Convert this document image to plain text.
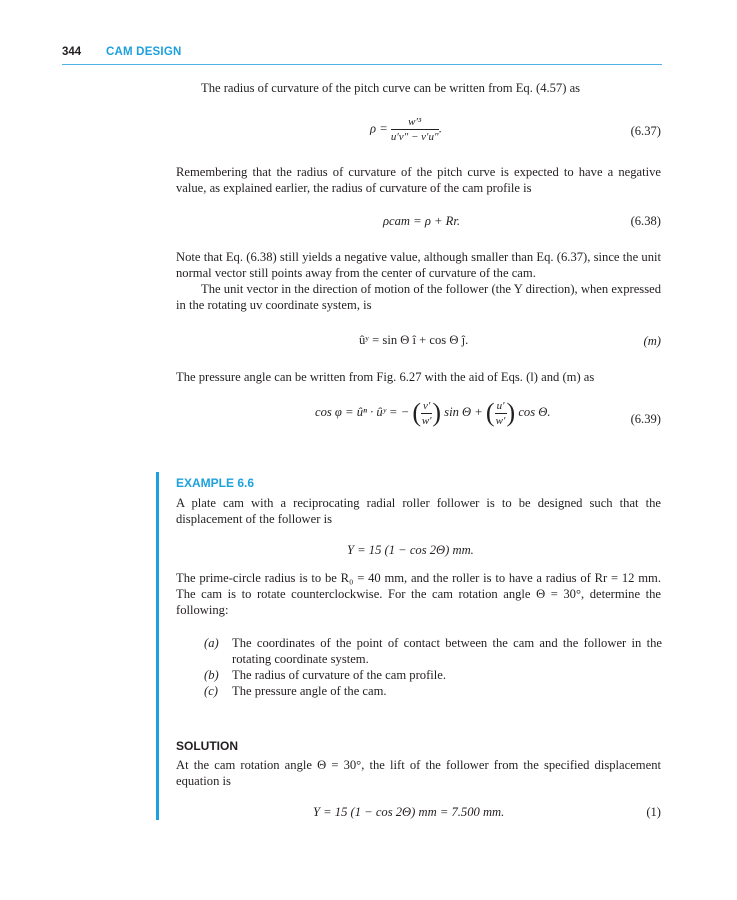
344 CAM DESIGN

The radius of curvature of the pitch curve can be written from Eq. (4.57) as

$\rho = \frac{\text{w′³}}{u'v'' - v'u''}$ .	(6.37)

Remembering that the radius of curvature of the pitch curve is expected to have a negative value, as explained earlier, the radius of curvature of the cam profile is

ρcam = ρ + Rr.	(6.38)

Note that Eq. (6.38) still yields a negative value, although smaller than Eq. (6.37), since the unit normal vector still points away from the center of curvature of the cam.

The unit vector in the direction of motion of the follower (the Y direction), when expressed in the rotating uv coordinate system, is

ûʸ = sin Θ î + cos Θ ĵ.	(m)

The pressure angle can be written from Fig. 6.27 with the aid of Eqs. (l) and (m) as

cos φ = ûⁿ · ûʸ = − ( $\frac{v'}{w'}$ ) sin Θ + ( $\frac{u'}{w'}$ ) cos Θ.
(6.39)
EXAMPLE 6.6

A plate cam with a reciprocating radial roller follower is to be designed such that the displacement of the follower is

Y = 15 (1 − cos 2Θ) mm.

The prime-circle radius is to be R₀ = 40 mm, and the roller is to have a radius of Rr = 12 mm. The cam is to rotate counterclockwise. For the cam rotation angle Θ = 30°, determine the following:

(a) The coordinates of the point of contact between the cam and the follower in the rotating coordinate system.
(b) The radius of curvature of the cam profile.
(c) The pressure angle of the cam.
SOLUTION

At the cam rotation angle Θ = 30°, the lift of the follower from the specified displacement equation is

Y = 15 (1 − cos 2Θ) mm = 7.500 mm.	(1)
